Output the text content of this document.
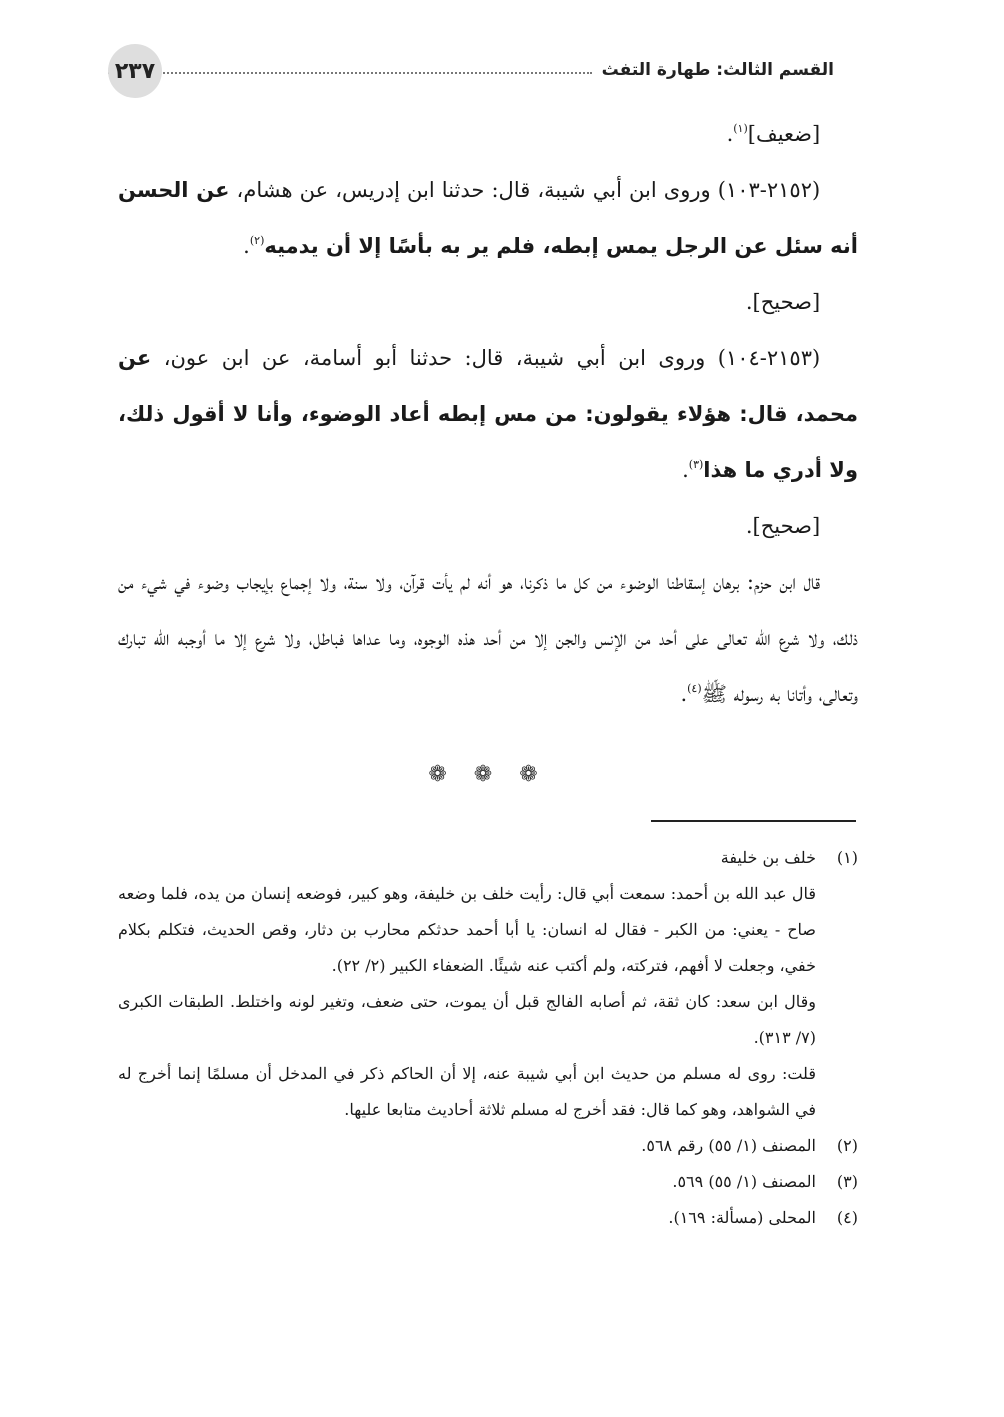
القسم الثالث: طهارة التفث
٢٣٧

[ضعيف]$^{(١)}$.

(٢١٥٢-١٠٣) وروى ابن أبي شيبة، قال: حدثنا ابن إدريس، عن هشام، عن الحسن أنه سئل عن الرجل يمس إبطه، فلم ير به بأسًا إلا أن يدميه$^{(٢)}$.

[صحيح].

(٢١٥٣-١٠٤) وروى ابن أبي شيبة، قال: حدثنا أبو أسامة، عن ابن عون، عن محمد، قال: هؤلاء يقولون: من مس إبطه أعاد الوضوء، وأنا لا أقول ذلك، ولا أدري ما هذا$^{(٣)}$.

[صحيح].

قال ابن حزم: برهان إسقاطنا الوضوء من كل ما ذكرنا، هو أنه لم يأت قرآن، ولا سنة، ولا إجماع بإيجاب وضوء في شيء من ذلك، ولا شرع الله تعالى على أحد من الإنس والجن إلا من أحد هذه الوجوه، وما عداها فباطل، ولا شرع إلا ما أوجبه الله تبارك وتعالى، وأتانا به رسوله ﷺ$^{(٤)}$.

❁ ❁ ❁

(١)
خلف بن خليفة

قال عبد الله بن أحمد: سمعت أبي قال: رأيت خلف بن خليفة، وهو كبير، فوضعه إنسان من يده، فلما وضعه صاح - يعني: من الكبر - فقال له انسان: يا أبا أحمد حدثكم محارب بن دثار، وقص الحديث، فتكلم بكلام خفي، وجعلت لا أفهم، فتركته، ولم أكتب عنه شيئًا. الضعفاء الكبير (٢/ ٢٢).

وقال ابن سعد: كان ثقة، ثم أصابه الفالج قبل أن يموت، حتى ضعف، وتغير لونه واختلط. الطبقات الكبرى (٧/ ٣١٣).

قلت: روى له مسلم من حديث ابن أبي شيبة عنه، إلا أن الحاكم ذكر في المدخل أن مسلمًا إنما أخرج له في الشواهد، وهو كما قال: فقد أخرج له مسلم ثلاثة أحاديث متابعا عليها.

(٢)
المصنف (١/ ٥٥) رقم ٥٦٨.

(٣)
المصنف (١/ ٥٥) ٥٦٩.

(٤)
المحلى (مسألة: ١٦٩).
